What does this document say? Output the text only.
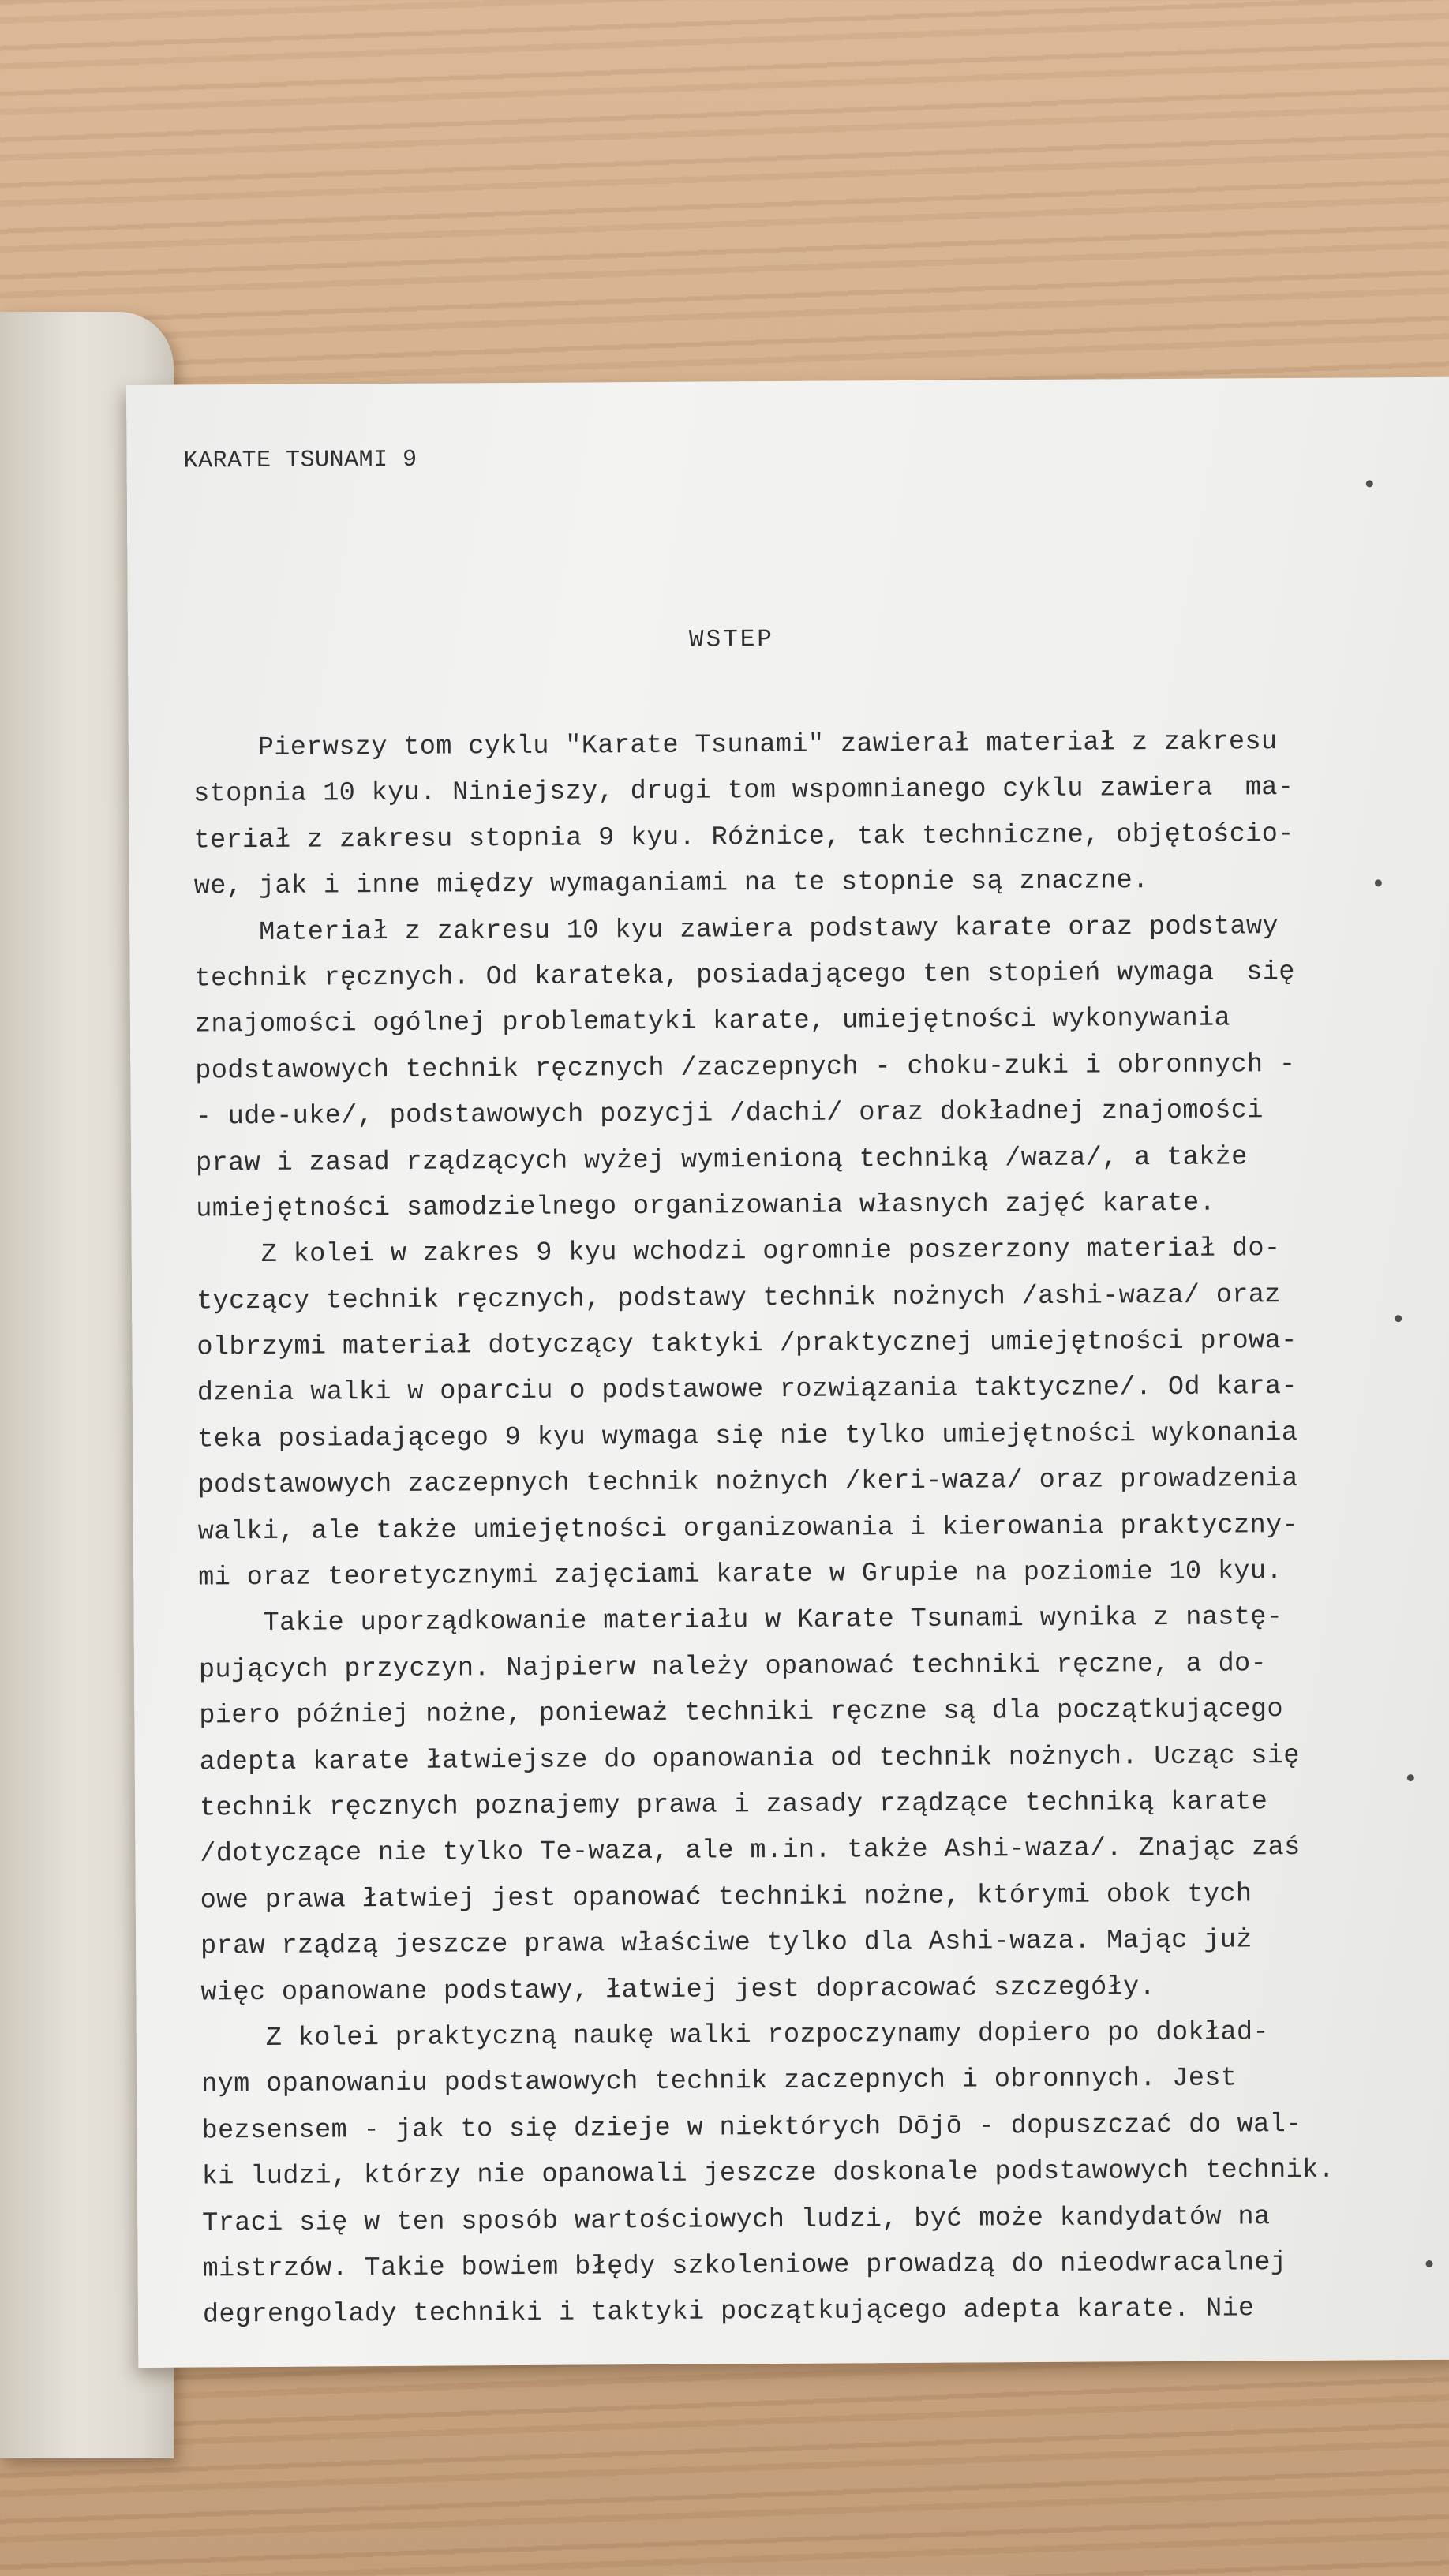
KARATE TSUNAMI 9
WSTEP
Pierwszy tom cyklu "Karate Tsunami" zawierał materiał z zakresu
stopnia 10 kyu. Niniejszy, drugi tom wspomnianego cyklu zawiera  ma-
teriał z zakresu stopnia 9 kyu. Różnice, tak techniczne, objętościo-
we, jak i inne między wymaganiami na te stopnie są znaczne.
Materiał z zakresu 10 kyu zawiera podstawy karate oraz podstawy
technik ręcznych. Od karateka, posiadającego ten stopień wymaga  się
znajomości ogólnej problematyki karate, umiejętności wykonywania
podstawowych technik ręcznych /zaczepnych - choku-zuki i obronnych -
- ude-uke/, podstawowych pozycji /dachi/ oraz dokładnej znajomości
praw i zasad rządzących wyżej wymienioną techniką /waza/, a także
umiejętności samodzielnego organizowania własnych zajęć karate.
Z kolei w zakres 9 kyu wchodzi ogromnie poszerzony materiał do-
tyczący technik ręcznych, podstawy technik nożnych /ashi-waza/ oraz
olbrzymi materiał dotyczący taktyki /praktycznej umiejętności prowa-
dzenia walki w oparciu o podstawowe rozwiązania taktyczne/. Od kara-
teka posiadającego 9 kyu wymaga się nie tylko umiejętności wykonania
podstawowych zaczepnych technik nożnych /keri-waza/ oraz prowadzenia
walki, ale także umiejętności organizowania i kierowania praktyczny-
mi oraz teoretycznymi zajęciami karate w Grupie na poziomie 10 kyu.
Takie uporządkowanie materiału w Karate Tsunami wynika z nastę-
pujących przyczyn. Najpierw należy opanować techniki ręczne, a do-
piero później nożne, ponieważ techniki ręczne są dla początkującego
adepta karate łatwiejsze do opanowania od technik nożnych. Ucząc się
technik ręcznych poznajemy prawa i zasady rządzące techniką karate
/dotyczące nie tylko Te-waza, ale m.in. także Ashi-waza/. Znając zaś
owe prawa łatwiej jest opanować techniki nożne, którymi obok tych
praw rządzą jeszcze prawa właściwe tylko dla Ashi-waza. Mając już
więc opanowane podstawy, łatwiej jest dopracować szczegóły.
Z kolei praktyczną naukę walki rozpoczynamy dopiero po dokład-
nym opanowaniu podstawowych technik zaczepnych i obronnych. Jest
bezsensem - jak to się dzieje w niektórych Dōjō - dopuszczać do wal-
ki ludzi, którzy nie opanowali jeszcze doskonale podstawowych technik.
Traci się w ten sposób wartościowych ludzi, być może kandydatów na
mistrzów. Takie bowiem błędy szkoleniowe prowadzą do nieodwracalnej
degrengolady techniki i taktyki początkującego adepta karate. Nie
